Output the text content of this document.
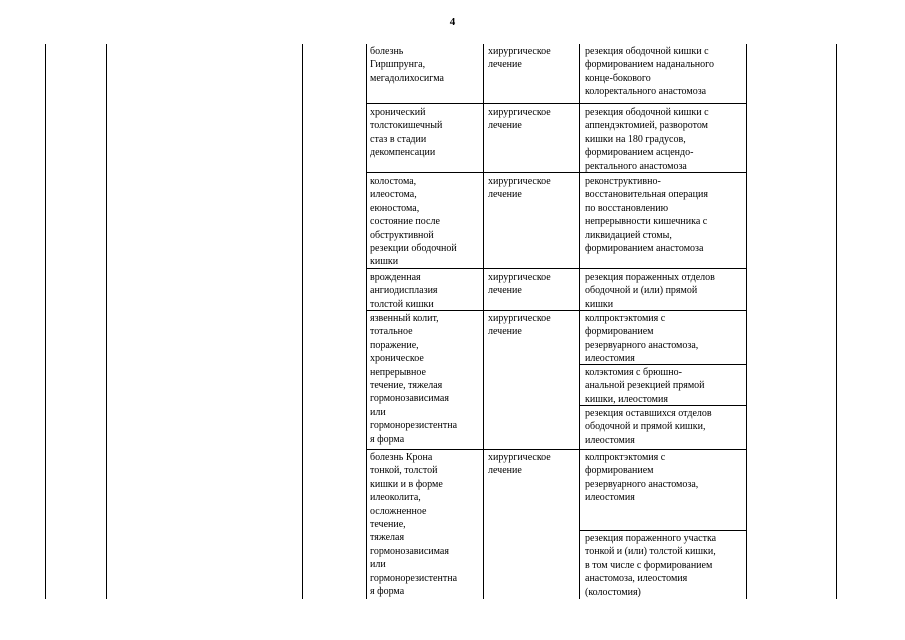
4
болезнь
Гиршпрунга,
мегадолихосигма
хирургическое
лечение
резекция ободочной кишки с
формированием наданального
конце-бокового
колоректального анастомоза
хронический
толстокишечный
стаз в стадии
декомпенсации
хирургическое
лечение
резекция ободочной кишки с
аппендэктомией, разворотом
кишки на 180 градусов,
формированием асцендо-
ректального анастомоза
колостома,
илеостома,
еюностома,
состояние после
обструктивной
резекции ободочной
кишки
хирургическое
лечение
реконструктивно-
восстановительная операция
по восстановлению
непрерывности кишечника с
ликвидацией стомы,
формированием анастомоза
врожденная
ангиодисплазия
толстой кишки
хирургическое
лечение
резекция пораженных отделов
ободочной и (или) прямой
кишки
язвенный колит,
тотальное
поражение,
хроническое
непрерывное
течение, тяжелая
гормонозависимая
или
гормонорезистентна
я форма
хирургическое
лечение
колпроктэктомия с
формированием
резервуарного анастомоза,
илеостомия
колэктомия с брюшно-
анальной резекцией прямой
кишки, илеостомия
резекция оставшихся отделов
ободочной и прямой кишки,
илеостомия
болезнь Крона
тонкой, толстой
кишки и в форме
илеоколита,
осложненное
течение,
тяжелая
гормонозависимая
или
гормонорезистентна
я форма
хирургическое
лечение
колпроктэктомия с
формированием
резервуарного анастомоза,
илеостомия
резекция пораженного участка
тонкой и (или) толстой кишки,
в том числе с формированием
анастомоза, илеостомия
(колостомия)
